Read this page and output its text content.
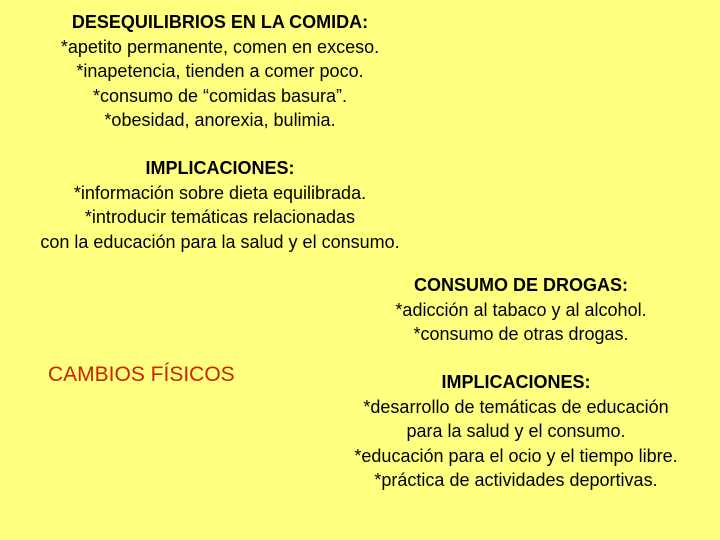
DESEQUILIBRIOS EN LA COMIDA:
*apetito permanente, comen en exceso.
*inapetencia, tienden a comer poco.
*consumo de “comidas basura”.
*obesidad, anorexia, bulimia.
IMPLICACIONES:
*información sobre dieta equilibrada.
*introducir temáticas relacionadas
con la educación para la salud y el consumo.
CONSUMO DE DROGAS:
*adicción al tabaco y al alcohol.
*consumo de otras drogas.
CAMBIOS FÍSICOS	IMPLICACIONES:
*desarrollo de temáticas de educación
para la salud y el consumo.
*educación para el ocio y el tiempo libre.
*práctica de actividades deportivas.
